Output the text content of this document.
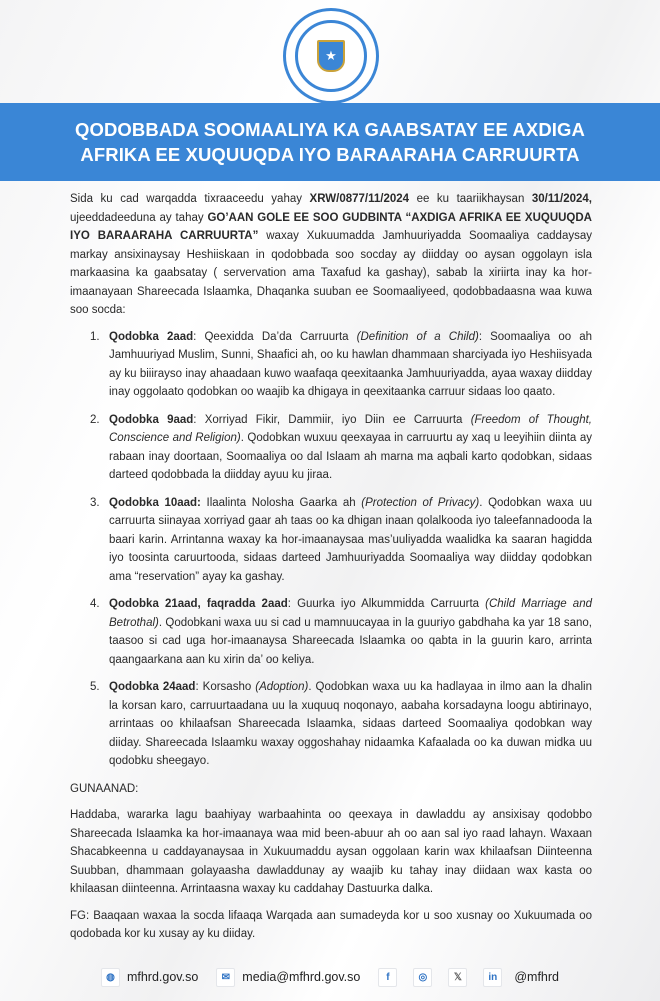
★
QODOBBADA SOOMAALIYA KA GAABSATAY EE AXDIGA
AFRIKA EE XUQUUQDA IYO BARAARAHA CARRUURTA

Sida ku cad warqadda tixraaceedu yahay XRW/0877/11/2024 ee ku taariikhaysan 30/11/2024, ujeeddadeeduna ay tahay GO’AAN GOLE EE SOO GUDBINTA “AXDIGA AFRIKA EE XUQUUQDA IYO BARAARAHA CARRUURTA” waxay Xukuumadda Jamhuuriyadda Soomaaliya caddaysay markay ansixinaysay Heshiiskaan in qodobbada soo socday ay diidday oo aysan oggolayn isla markaasina ka gaabsatay ( servervation ama Taxafud ka gashay), sabab la xiriirta inay ka hor-imaanayaan Shareecada Islaamka, Dhaqanka suuban ee Soomaaliyeed, qodobbadaasna waa kuwa soo socda:

1. Qodobka 2aad: Qeexidda Da’da Carruurta (Definition of a Child): Soomaaliya oo ah Jamhuuriyad Muslim, Sunni, Shaafici ah, oo ku hawlan dhammaan sharciyada iyo Heshiisyada ay ku biiirayso inay ahaadaan kuwo waafaqa qeexitaanka Jamhuuriyadda, ayaa waxay diidday inay oggolaato qodobkan oo waajib ka dhigaya in qeexitaanka carruur sidaas loo qaato.
2. Qodobka 9aad: Xorriyad Fikir, Dammiir, iyo Diin ee Carruurta (Freedom of Thought, Conscience and Religion). Qodobkan wuxuu qeexayaa in carruurtu ay xaq u leeyihiin diinta ay rabaan inay doortaan, Soomaaliya oo dal Islaam ah marna ma aqbali karto qodobkan, sidaas darteed qodobbada la diidday ayuu ku jiraa.
3. Qodobka 10aad: Ilaalinta Nolosha Gaarka ah (Protection of Privacy). Qodobkan waxa uu carruurta siinayaa xorriyad gaar ah taas oo ka dhigan inaan qolalkooda iyo taleefannadooda la baari karin. Arrintanna waxay ka hor-imaanaysaa mas’uuliyadda waalidka ka saaran hagidda iyo toosinta caruurtooda, sidaas darteed Jamhuuriyadda Soomaaliya way diidday qodobkan ama “reservation” ayay ka gashay.
4. Qodobka 21aad, faqradda 2aad: Guurka iyo Alkummidda Carruurta (Child Marriage and Betrothal). Qodobkani waxa uu si cad u mamnuucayaa in la guuriyo gabdhaha ka yar 18 sano, taasoo si cad uga hor-imaanaysa Shareecada Islaamka oo qabta in la guurin karo, arrinta qaangaarkana aan ku xirin da’ oo keliya.
5. Qodobka 24aad: Korsasho (Adoption). Qodobkan waxa uu ka hadlayaa in ilmo aan la dhalin la korsan karo, carruurtaadana uu la xuquuq noqonayo, aabaha korsadayna loogu abtirinayo, arrintaas oo khilaafsan Shareecada Islaamka, sidaas darteed Soomaaliya qodobkan way diiday. Shareecada Islaamku waxay oggoshahay nidaamka Kafaalada oo ka duwan midka uu qodobku sheegayo.

GUNAANAD:

Haddaba, wararka lagu baahiyay warbaahinta oo qeexaya in dawladdu ay ansixisay qodobbo Shareecada Islaamka ka hor-imaanaya waa mid been-abuur ah oo aan sal iyo raad lahayn. Waxaan Shacabkeenna u caddayanaysaa in Xukuumaddu aysan oggolaan karin wax khilaafsan Diinteenna Suubban, dhammaan golayaasha dawladdunay ay waajib ku tahay inay diidaan wax kasta oo khilaasan diinteenna. Arrintaasna waxay ku caddahay Dastuurka dalka.

FG: Baaqaan waxaa la socda lifaaqa Warqada aan sumadeyda kor u soo xusnay oo Xukuumada oo qodobada kor ku xusay ay ku diiday.

◍ mfhrd.gov.so	✉ media@mfhrd.gov.so	f	◎	𝕏	in	@mfhrd
